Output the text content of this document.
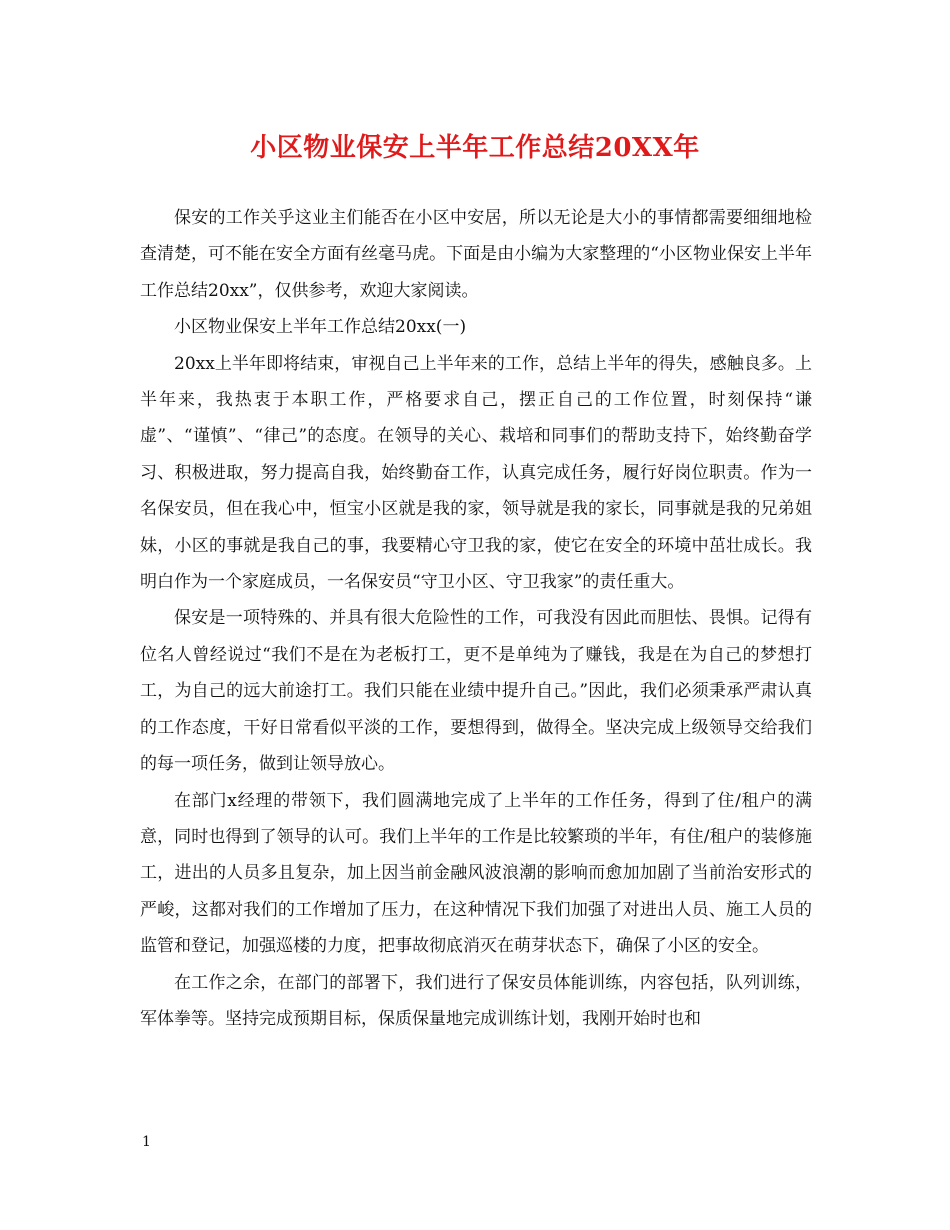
小区物业保安上半年工作总结20XX年

保安的工作关乎这业主们能否在小区中安居，所以无论是大小的事情都需要细细地检查清楚，可不能在安全方面有丝毫马虎。下面是由小编为大家整理的“小区物业保安上半年工作总结20xx”，仅供参考，欢迎大家阅读。

小区物业保安上半年工作总结20xx(一)

20xx上半年即将结束，审视自己上半年来的工作，总结上半年的得失，感触良多。上半年来，我热衷于本职工作，严格要求自己，摆正自己的工作位置，时刻保持“谦虚”、“谨慎”、“律己”的态度。在领导的关心、栽培和同事们的帮助支持下，始终勤奋学习、积极进取，努力提高自我，始终勤奋工作，认真完成任务，履行好岗位职责。作为一名保安员，但在我心中，恒宝小区就是我的家，领导就是我的家长，同事就是我的兄弟姐妹，小区的事就是我自己的事，我要精心守卫我的家，使它在安全的环境中茁壮成长。我明白作为一个家庭成员，一名保安员“守卫小区、守卫我家”的责任重大。

保安是一项特殊的、并具有很大危险性的工作，可我没有因此而胆怯、畏惧。记得有位名人曾经说过“我们不是在为老板打工，更不是单纯为了赚钱，我是在为自己的梦想打工，为自己的远大前途打工。我们只能在业绩中提升自己。”因此，我们必须秉承严肃认真的工作态度，干好日常看似平淡的工作，要想得到，做得全。坚决完成上级领导交给我们的每一项任务，做到让领导放心。

在部门x经理的带领下，我们圆满地完成了上半年的工作任务，得到了住/租户的满意，同时也得到了领导的认可。我们上半年的工作是比较繁琐的半年，有住/租户的装修施工，进出的人员多且复杂，加上因当前金融风波浪潮的影响而愈加加剧了当前治安形式的严峻，这都对我们的工作增加了压力，在这种情况下我们加强了对进出人员、施工人员的监管和登记，加强巡楼的力度，把事故彻底消灭在萌芽状态下，确保了小区的安全。

在工作之余，在部门的部署下，我们进行了保安员体能训练，内容包括，队列训练，军体拳等。坚持完成预期目标，保质保量地完成训练计划，我刚开始时也和

1
